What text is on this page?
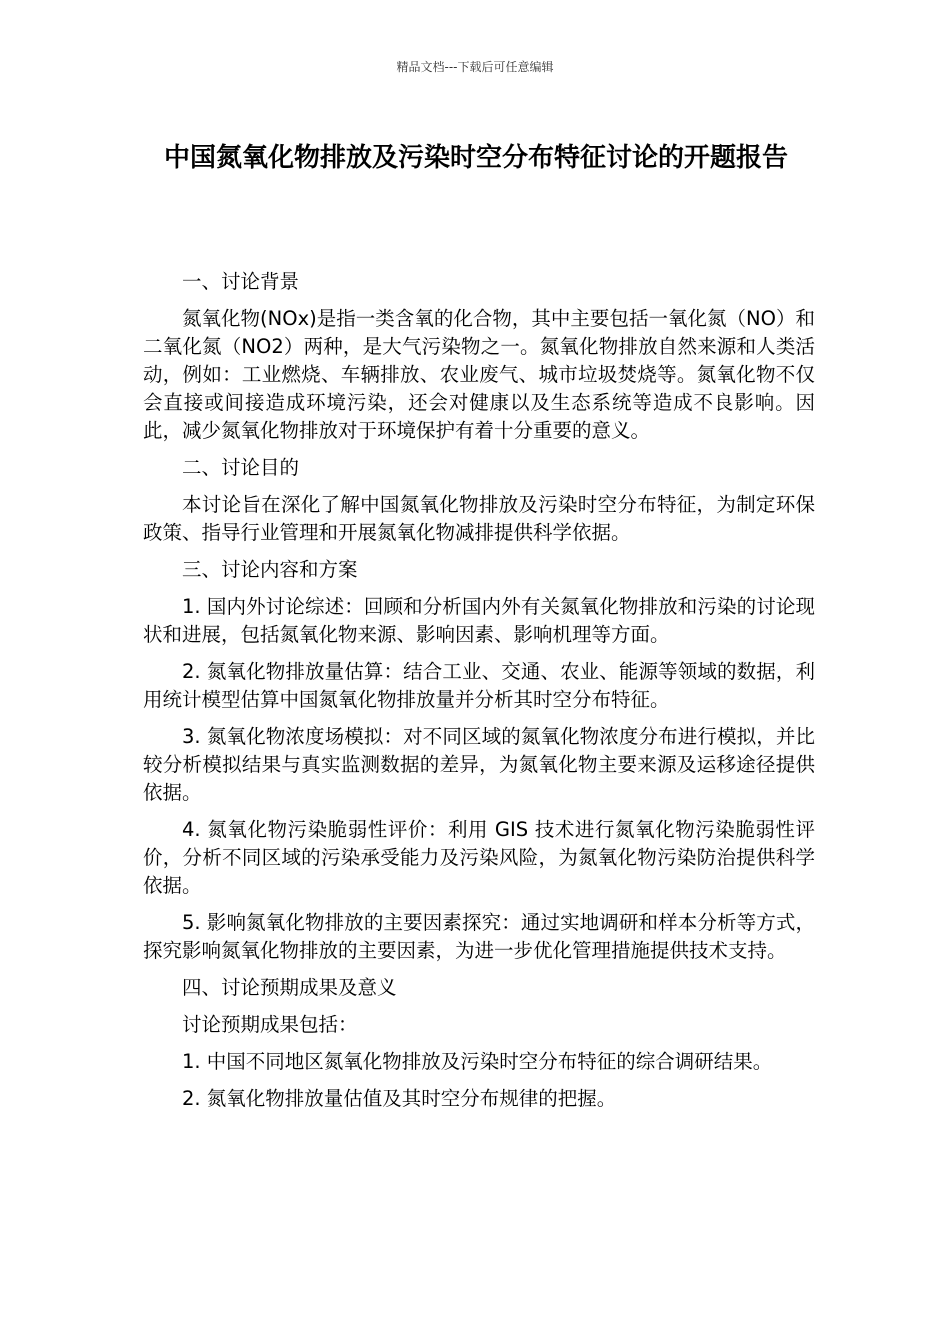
精品文档---下载后可任意编辑
中国氮氧化物排放及污染时空分布特征讨论的开题报告

一、讨论背景

氮氧化物(NOx)是指一类含氧的化合物，其中主要包括一氧化氮（NO）和二氧化氮（NO2）两种，是大气污染物之一。氮氧化物排放自然来源和人类活动，例如：工业燃烧、车辆排放、农业废气、城市垃圾焚烧等。氮氧化物不仅会直接或间接造成环境污染，还会对健康以及生态系统等造成不良影响。因此，减少氮氧化物排放对于环境保护有着十分重要的意义。

二、讨论目的

本讨论旨在深化了解中国氮氧化物排放及污染时空分布特征，为制定环保政策、指导行业管理和开展氮氧化物减排提供科学依据。

三、讨论内容和方案

1. 国内外讨论综述：回顾和分析国内外有关氮氧化物排放和污染的讨论现状和进展，包括氮氧化物来源、影响因素、影响机理等方面。

2. 氮氧化物排放量估算：结合工业、交通、农业、能源等领域的数据，利用统计模型估算中国氮氧化物排放量并分析其时空分布特征。

3. 氮氧化物浓度场模拟：对不同区域的氮氧化物浓度分布进行模拟，并比较分析模拟结果与真实监测数据的差异，为氮氧化物主要来源及运移途径提供依据。

4. 氮氧化物污染脆弱性评价：利用 GIS 技术进行氮氧化物污染脆弱性评价，分析不同区域的污染承受能力及污染风险，为氮氧化物污染防治提供科学依据。

5. 影响氮氧化物排放的主要因素探究：通过实地调研和样本分析等方式，探究影响氮氧化物排放的主要因素，为进一步优化管理措施提供技术支持。

四、讨论预期成果及意义

讨论预期成果包括：

1. 中国不同地区氮氧化物排放及污染时空分布特征的综合调研结果。

2. 氮氧化物排放量估值及其时空分布规律的把握。
